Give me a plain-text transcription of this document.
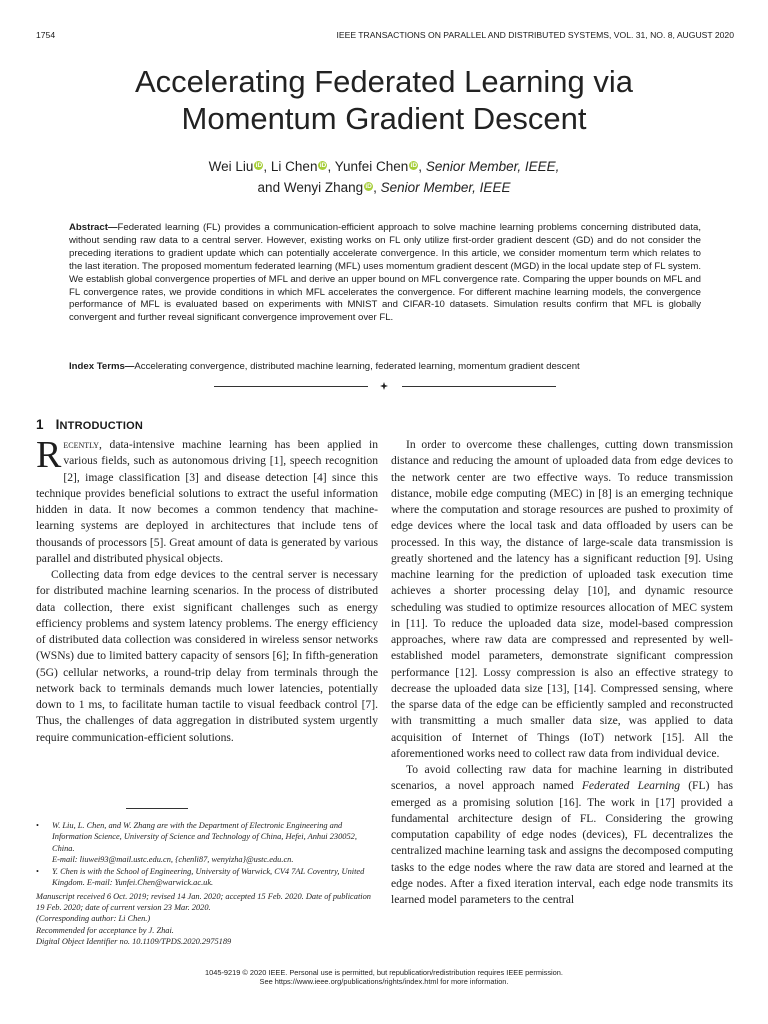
1754	IEEE TRANSACTIONS ON PARALLEL AND DISTRIBUTED SYSTEMS, VOL. 31, NO. 8, AUGUST 2020
Accelerating Federated Learning via
Momentum Gradient Descent
Wei Liu iD, Li Chen iD, Yunfei Chen iD, Senior Member, IEEE,
and Wenyi Zhang iD, Senior Member, IEEE
Abstract—Federated learning (FL) provides a communication-efficient approach to solve machine learning problems concerning distributed data, without sending raw data to a central server. However, existing works on FL only utilize first-order gradient descent (GD) and do not consider the preceding iterations to gradient update which can potentially accelerate convergence. In this article, we consider momentum term which relates to the last iteration. The proposed momentum federated learning (MFL) uses momentum gradient descent (MGD) in the local update step of FL system. We establish global convergence properties of MFL and derive an upper bound on MFL convergence rate. Comparing the upper bounds on MFL and FL convergence rates, we provide conditions in which MFL accelerates the convergence. For different machine learning models, the convergence performance of MFL is evaluated based on experiments with MNIST and CIFAR-10 datasets. Simulation results confirm that MFL is globally convergent and further reveal significant convergence improvement over FL.
Index Terms—Accelerating convergence, distributed machine learning, federated learning, momentum gradient descent
1 INTRODUCTION

Recently, data-intensive machine learning has been applied in various fields, such as autonomous driving [1], speech recognition [2], image classification [3] and disease detection [4] since this technique provides beneficial solutions to extract the useful information hidden in data. It now becomes a common tendency that machine-learning systems are deployed in architectures that include tens of thousands of processors [5]. Great amount of data is generated by various parallel and distributed physical objects.

Collecting data from edge devices to the central server is necessary for distributed machine learning scenarios. In the process of distributed data collection, there exist significant challenges such as energy efficiency problems and system latency problems. The energy efficiency of distributed data collection was considered in wireless sensor networks (WSNs) due to limited battery capacity of sensors [6]; In fifth-generation (5G) cellular networks, a round-trip delay from terminals through the network back to terminals demands much lower latencies, potentially down to 1 ms, to facilitate human tactile to visual feedback control [7]. Thus, the challenges of data aggregation in distributed system urgently require communication-efficient solutions.

• W. Liu, L. Chen, and W. Zhang are with the Department of Electronic Engineering and Information Science, University of Science and Technology of China, Hefei, Anhui 230052, China.
E-mail: liuwei93@mail.ustc.edu.cn, {chenli87, wenyizha}@ustc.edu.cn.
• Y. Chen is with the School of Engineering, University of Warwick, CV4 7AL Coventry, United Kingdom. E-mail: Yunfei.Chen@warwick.ac.uk.
Manuscript received 6 Oct. 2019; revised 14 Jan. 2020; accepted 15 Feb. 2020. Date of publication 19 Feb. 2020; date of current version 23 Mar. 2020.
(Corresponding author: Li Chen.)
Recommended for acceptance by J. Zhai.
Digital Object Identifier no. 10.1109/TPDS.2020.2975189

In order to overcome these challenges, cutting down transmission distance and reducing the amount of uploaded data from edge devices to the network center are two effective ways. To reduce transmission distance, mobile edge computing (MEC) in [8] is an emerging technique where the computation and storage resources are pushed to proximity of edge devices where the local task and data offloaded by users can be processed. In this way, the distance of large-scale data transmission is greatly shortened and the latency has a significant reduction [9]. Using machine learning for the prediction of uploaded task execution time achieves a shorter processing delay [10], and dynamic resource scheduling was studied to optimize resources allocation of MEC system in [11]. To reduce the uploaded data size, model-based compression approaches, where raw data are compressed and represented by well-established model parameters, demonstrate significant compression performance [12]. Lossy compression is also an effective strategy to decrease the uploaded data size [13], [14]. Compressed sensing, where the sparse data of the edge can be efficiently sampled and reconstructed with transmitting a much smaller data size, was applied to data acquisition of Internet of Things (IoT) network [15]. All the aforementioned works need to collect raw data from individual device.

To avoid collecting raw data for machine learning in distributed scenarios, a novel approach named Federated Learning (FL) has emerged as a promising solution [16]. The work in [17] provided a fundamental architecture design of FL. Considering the growing computation capability of edge nodes (devices), FL decentralizes the centralized machine learning task and assigns the decomposed computing tasks to the edge nodes where the raw data are stored and learned at the edge nodes. After a fixed iteration interval, each edge node transmits its learned model parameters to the central

1045-9219 © 2020 IEEE. Personal use is permitted, but republication/redistribution requires IEEE permission.
See https://www.ieee.org/publications/rights/index.html for more information.
